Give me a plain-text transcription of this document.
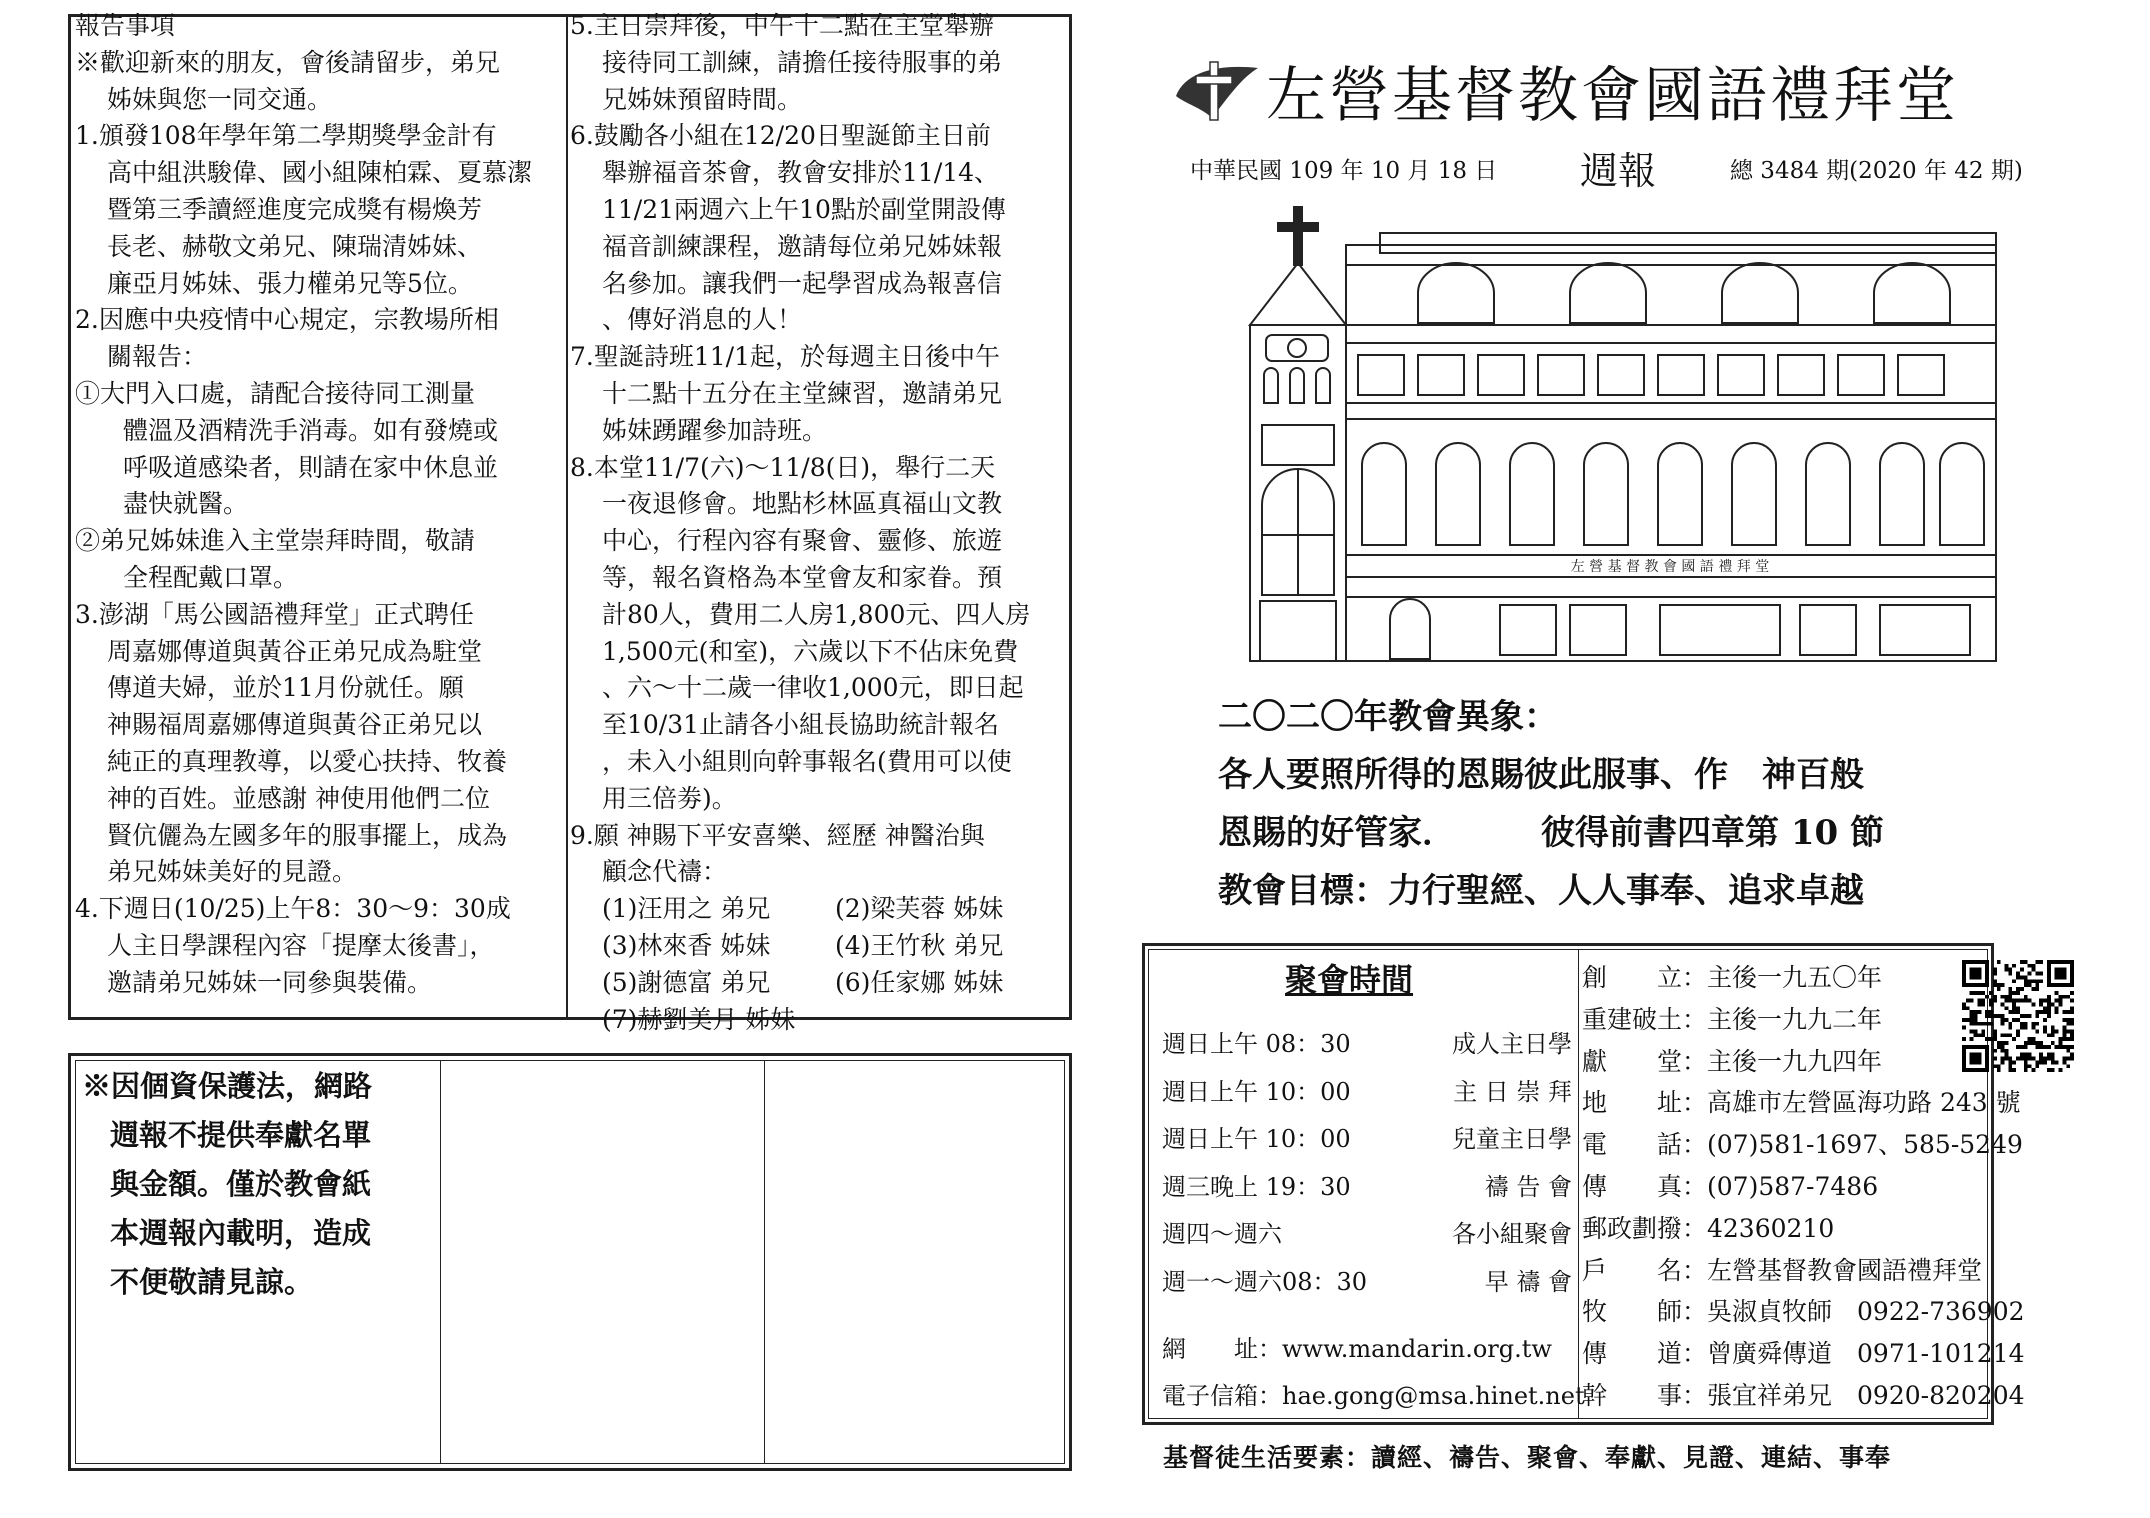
報告事項
※歡迎新來的朋友，會後請留步，弟兄
姊妹與您一同交通。
1.頒發108年學年第二學期獎學金計有
高中組洪駿偉、國小組陳柏霖、夏慕潔
暨第三季讀經進度完成獎有楊煥芳
長老、赫敬文弟兄、陳瑞清姊妹、
廉亞月姊妹、張力權弟兄等5位。
2.因應中央疫情中心規定，宗教場所相
關報告：
①大門入口處，請配合接待同工測量
體溫及酒精洗手消毒。如有發燒或
呼吸道感染者，則請在家中休息並
盡快就醫。
②弟兄姊妹進入主堂崇拜時間，敬請
全程配戴口罩。
3.澎湖「馬公國語禮拜堂」正式聘任
周嘉娜傳道與黃谷正弟兄成為駐堂
傳道夫婦，並於11月份就任。願
神賜福周嘉娜傳道與黃谷正弟兄以
純正的真理教導，以愛心扶持、牧養
神的百姓。並感謝 神使用他們二位
賢伉儷為左國多年的服事擺上，成為
弟兄姊妹美好的見證。
4.下週日(10/25)上午8：30～9：30成
人主日學課程內容「提摩太後書」，
邀請弟兄姊妹一同參與裝備。
5.主日崇拜後，中午十二點在主堂舉辦
接待同工訓練，請擔任接待服事的弟
兄姊妹預留時間。
6.鼓勵各小組在12/20日聖誕節主日前
舉辦福音茶會，教會安排於11/14、
11/21兩週六上午10點於副堂開設傳
福音訓練課程，邀請每位弟兄姊妹報
名參加。讓我們一起學習成為報喜信
、傳好消息的人！
7.聖誕詩班11/1起，於每週主日後中午
十二點十五分在主堂練習，邀請弟兄
姊妹踴躍參加詩班。
8.本堂11/7(六)～11/8(日)，舉行二天
一夜退修會。地點杉林區真福山文教
中心，行程內容有聚會、靈修、旅遊
等，報名資格為本堂會友和家眷。預
計80人，費用二人房1,800元、四人房
1,500元(和室)，六歲以下不佔床免費
、六～十二歲一律收1,000元，即日起
至10/31止請各小組長協助統計報名
，未入小組則向幹事報名(費用可以使
用三倍劵)。
9.願 神賜下平安喜樂、經歷 神醫治與
顧念代禱：
(1)汪用之 弟兄	(2)梁芙蓉 姊妹
(3)林來香 姊妹	(4)王竹秋 弟兄
(5)謝德富 弟兄	(6)任家娜 姊妹
(7)赫劉美月 姊妹
※因個資保護法，網路
週報不提供奉獻名單
與金額。僅於教會紙
本週報內載明，造成
不便敬請見諒。
左營基督教會國語禮拜堂
中華民國 109 年 10 月 18 日 週報	總 3484 期(2020 年 42 期)
左 營 基 督 教 會 國 語 禮 拜 堂
二〇二〇年教會異象：
各人要照所得的恩賜彼此服事、作　神百般
恩賜的好管家．　　　彼得前書四章第 10 節
教會目標：力行聖經、人人事奉、追求卓越
聚會時間
週日上午 08：30	成人主日學
週日上午 10：00	主 日 崇 拜
週日上午 10：00	兒童主日學
週三晚上 19：30	禱 告 會
週四～週六	各小組聚會
週一～週六08：30	早 禱 會
網　　址：www.mandarin.org.tw
電子信箱：hae.gong@msa.hinet.net
創　　立：主後一九五〇年
重建破土：主後一九九二年
獻　　堂：主後一九九四年
地　　址：高雄市左營區海功路 243 號
電　　話：(07)581-1697、585-5249
傳　　真：(07)587-7486
郵政劃撥：42360210
戶　　名：左營基督教會國語禮拜堂
牧　　師：吳淑貞牧師　0922-736902
傳　　道：曾廣舜傳道　0971-101214
幹　　事：張宜祥弟兄　0920-820204
基督徒生活要素：讀經、禱告、聚會、奉獻、見證、連結、事奉
